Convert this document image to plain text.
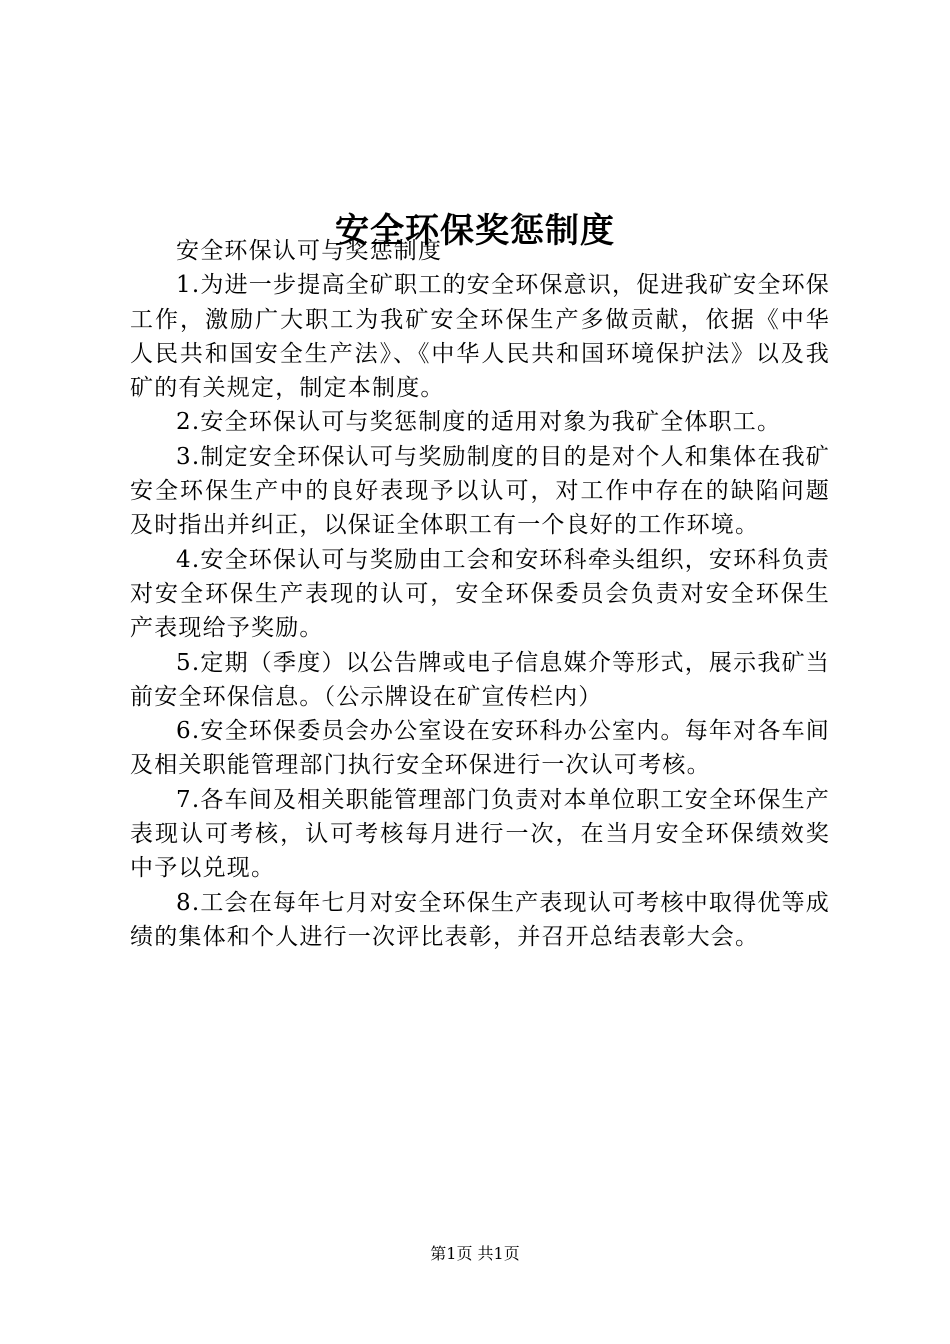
安全环保奖惩制度

安全环保认可与奖惩制度

1.为进一步提高全矿职工的安全环保意识，促进我矿安全环保工作，激励广大职工为我矿安全环保生产多做贡献，依据《中华人民共和国安全生产法》、《中华人民共和国环境保护法》以及我矿的有关规定，制定本制度。

2.安全环保认可与奖惩制度的适用对象为我矿全体职工。

3.制定安全环保认可与奖励制度的目的是对个人和集体在我矿安全环保生产中的良好表现予以认可，对工作中存在的缺陷问题及时指出并纠正，以保证全体职工有一个良好的工作环境。

4.安全环保认可与奖励由工会和安环科牵头组织，安环科负责对安全环保生产表现的认可，安全环保委员会负责对安全环保生产表现给予奖励。

5.定期（季度）以公告牌或电子信息媒介等形式，展示我矿当前安全环保信息。（公示牌设在矿宣传栏内）

6.安全环保委员会办公室设在安环科办公室内。每年对各车间及相关职能管理部门执行安全环保进行一次认可考核。

7.各车间及相关职能管理部门负责对本单位职工安全环保生产表现认可考核，认可考核每月进行一次，在当月安全环保绩效奖中予以兑现。

8.工会在每年七月对安全环保生产表现认可考核中取得优等成绩的集体和个人进行一次评比表彰，并召开总结表彰大会。

第1页 共1页
